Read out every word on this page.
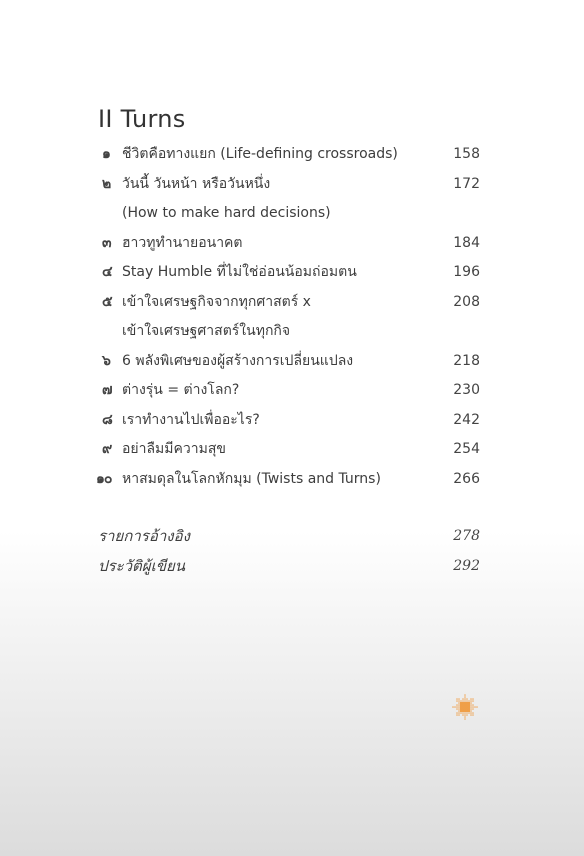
II Turns
๑ ชีวิตคือทางแยก (Life-defining crossroads)	158
๒ วันนี้ วันหน้า หรือวันหนึ่ง	172
(How to make hard decisions)
๓ ฮาวทูทำนายอนาคต	184
๔ Stay Humble ที่ไม่ใช่อ่อนน้อมถ่อมตน	196
๕ เข้าใจเศรษฐกิจจากทุกศาสตร์ x	208
เข้าใจเศรษฐศาสตร์ในทุกกิจ
๖ 6 พลังพิเศษของผู้สร้างการเปลี่ยนแปลง	218
๗ ต่างรุ่น = ต่างโลก?	230
๘ เราทำงานไปเพื่ออะไร?	242
๙ อย่าลืมมีความสุข	254
๑๐ หาสมดุลในโลกหักมุม (Twists and Turns)	266
รายการอ้างอิง	278
ประวัติผู้เขียน	292
